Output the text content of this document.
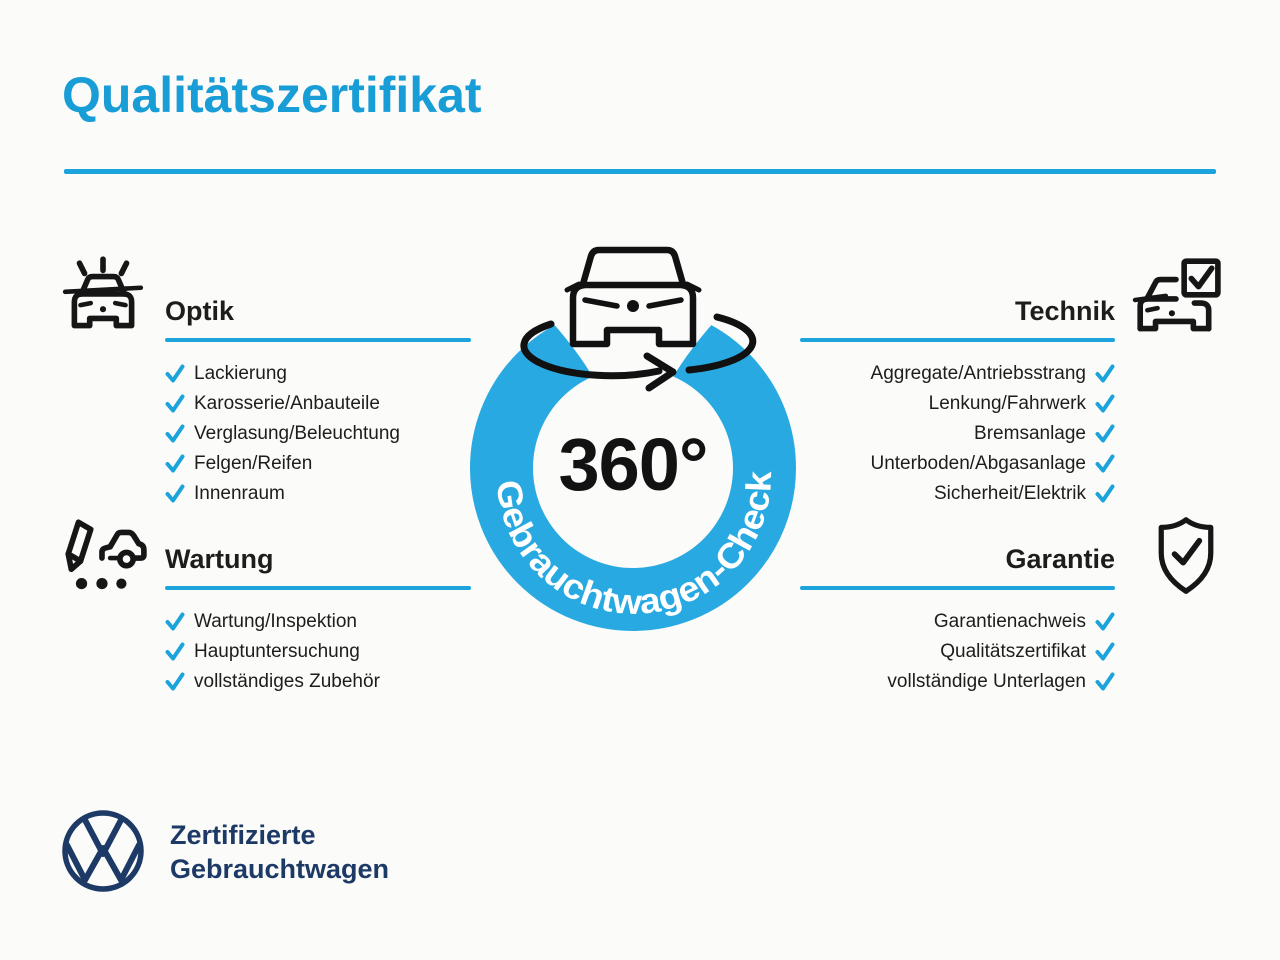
Qualitätszertifikat
Optik
Lackierung
Karosserie/Anbauteile
Verglasung/Beleuchtung
Felgen/Reifen
Innenraum
Wartung
Wartung/Inspektion
Hauptuntersuchung
vollständiges Zubehör
Technik
Aggregate/Antriebsstrang
Lenkung/Fahrwerk
Bremsanlage
Unterboden/Abgasanlage
Sicherheit/Elektrik
Garantie
Garantienachweis
Qualitätszertifikat
vollständige Unterlagen
Gebrauchtwagen-Check
360°
Zertifizierte
Gebrauchtwagen
